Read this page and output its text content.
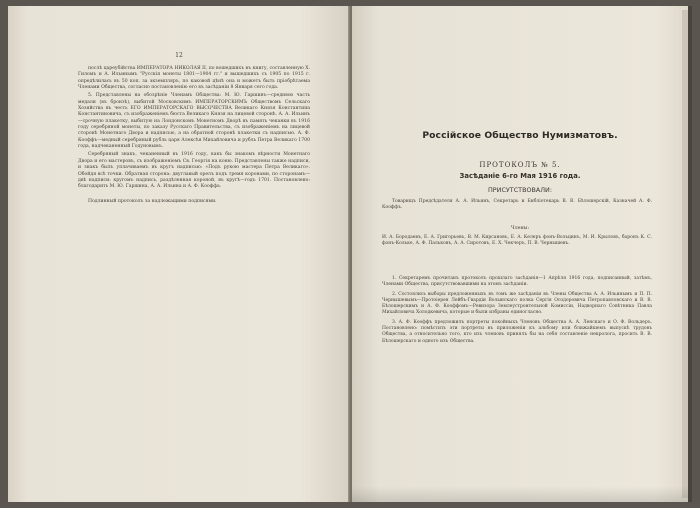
12

послѣ цареубійства ИМПЕРАТОРА НИКОЛАЯ II, по вошедшихъ въ книгу, составленную Х. Гиломъ и А. Ильинымъ "Русскія монеты 1801—1904 гг." и вышедшихъ съ 1905 по 1915 г. опредѣлилась въ 50 коп. за экземпляръ, по каковой цѣнѣ она и можетъ быть пріобрѣтаема Членами Общества, согласно постановленію его въ засѣданіи 8 Января сего года.

5. Представлены на обозрѣніе Членамъ Общества: М. Ю. Гаршинъ—среднюю часть медали (въ бронзѣ), выбитой Московскимъ ИМПЕРАТОРСКИМЪ Обществомъ Сельскаго Хозяйства въ честь ЕГО ИМПЕРАТОРСКАГО ВЫСОЧЕСТВА Великаго Князя Константина Константиновича, съ изображеніемъ бюста Великаго Князя на лицевой сторонѣ. А. А. Ильинъ—срочную плакетку, выбитую на Лондонскомъ Монетномъ Дворѣ въ память чеканки въ 1916 году серебряной монеты, по заказу Русскаго Правительства, съ изображеніемъ на лицевой сторонѣ Монетнаго Двора и надписью, а на обратной сторонѣ плакетки съ надписью. А. Ф. Кооффъ—медный серебряный рубль царя Алексѣя Михайловича и рубль Петра Великаго 1700 года, надчеканенный Годуновымъ.

Серебряный знакъ, чеканенный въ 1916 году, какъ бы знакомъ вѣрности Монетнаго Двора и его мастеровъ, съ изображеніемъ Св. Георгія на коню. Представлены также надписи, и знакъ былъ уплачиваемъ въ кругъ надписью: «Подъ рукою мастера Петра Великаго». Обойдя всѣ точки. Обратная сторона: двуглавый орелъ подъ тремя коронами, по сторонамъ—двѣ надписи: кругомъ надпись, раздѣленная короной, въ кругѣ—годъ 1701. Постановлено: благодарить М. Ю. Гаршина, А. А. Ильина и А. Ф. Кооффа.

Подлинный протоколъ за надлежащими подписями.

Россійское Общество Нумизматовъ.
ПРОТОКОЛЪ № 5.
Засѣданіе 6-го Мая 1916 года.
ПРИСУТСТВОВАЛИ:
Товарищъ Предсѣдателя А. А. Ильинъ, Секретарь и Библіотекарь В. В. Бѣлошерскій, Казначей А. Ф. Кооффъ.
Члены:
И. А. Бородаевъ, Е. А. Григорьевъ, В. М. Кирсановъ, Е. А. Келеръ фонъ-Вольцинъ, М. И. Крыловъ, баронъ К. С. фонъ-Кольке, А. Ф. Пальковъ, А. А. Сиротовъ, Е. Х. Чекчеръ, П. В. Чернышевъ.

1. Секретаремъ прочитанъ протоколъ прошлаго засѣданія—1 Апрѣля 1916 года, подписанный, затѣмъ, Членами Общества, присутствовавшими на этомъ засѣданіи.

2. Состоялись выборы предложенныхъ въ томъ же засѣданіи въ Члены Общества А. А. Ильинымъ и П. П. Чернышевымъ—Протоіерея Лейбъ-Гвардіи Волынскаго полка Сергія Осодоровича Петропавловскаго и В. В. Бѣлошерскимъ и А. Ф. Кооффомъ—Ревизора Землеустроительной Комиссіи, Надворнаго Совѣтника Павла Михайловича Холодкевича, которые и были избраны единогласно.

3. А. Ф. Кооффъ предложилъ портреты покойныхъ Членовъ Общества А. А. Ленскаго и О. Ф. Вольдеръ. Постановлено: помѣстить эти портреты въ приложеніи къ альбому или ближайшемъ выпускѣ трудовъ Общества, а относительно того, кто изъ членовъ принялъ бы на себя составленіе некролога, просить В. В. Бѣлошерскаго и одного изъ Общества.
